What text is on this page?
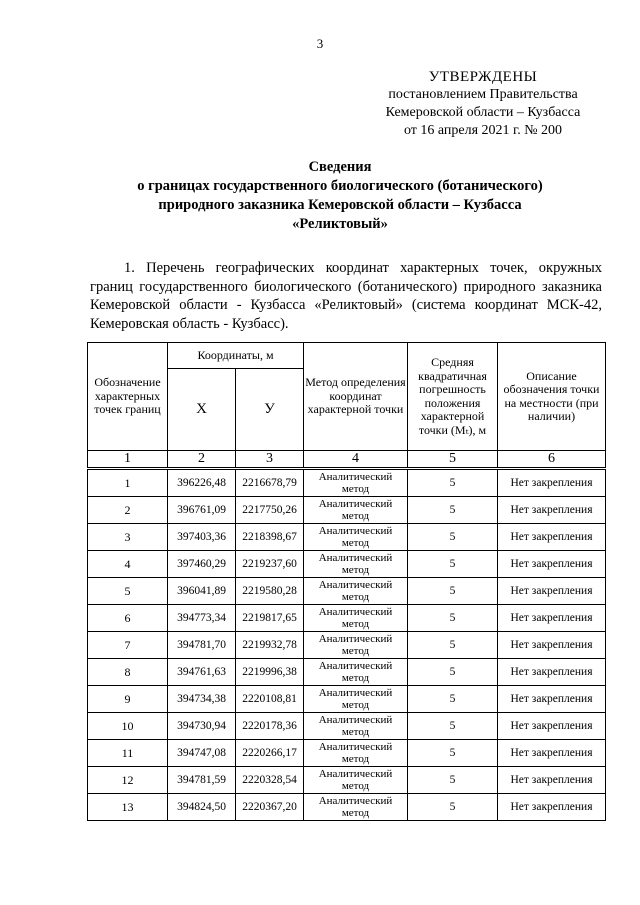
3
УТВЕРЖДЕНЫ
постановлением Правительства
Кемеровской области – Кузбасса
от 16 апреля 2021 г. № 200
Сведения
о границах государственного биологического (ботанического)
природного заказника Кемеровской области – Кузбасса
«Реликтовый»
1. Перечень географических координат характерных точек, окружных границ государственного биологического (ботанического) природного заказника Кемеровской области - Кузбасса «Реликтовый» (система координат МСК-42, Кемеровская область - Кузбасс).
Обозначение характерных точек границ	Координаты, м		Метод определения координат характерной точки	Средняя квадратичная погрешность положения характерной точки (Mₜ), м	Описание обозначения точки на местности (при наличии)
	X	У			
1	2	3	4	5	6
1	396226,48	2216678,79	Аналитический метод	5	Нет закрепления
2	396761,09	2217750,26	Аналитический метод	5	Нет закрепления
3	397403,36	2218398,67	Аналитический метод	5	Нет закрепления
4	397460,29	2219237,60	Аналитический метод	5	Нет закрепления
5	396041,89	2219580,28	Аналитический метод	5	Нет закрепления
6	394773,34	2219817,65	Аналитический метод	5	Нет закрепления
7	394781,70	2219932,78	Аналитический метод	5	Нет закрепления
8	394761,63	2219996,38	Аналитический метод	5	Нет закрепления
9	394734,38	2220108,81	Аналитический метод	5	Нет закрепления
10	394730,94	2220178,36	Аналитический метод	5	Нет закрепления
11	394747,08	2220266,17	Аналитический метод	5	Нет закрепления
12	394781,59	2220328,54	Аналитический метод	5	Нет закрепления
13	394824,50	2220367,20	Аналитический метод	5	Нет закрепления
